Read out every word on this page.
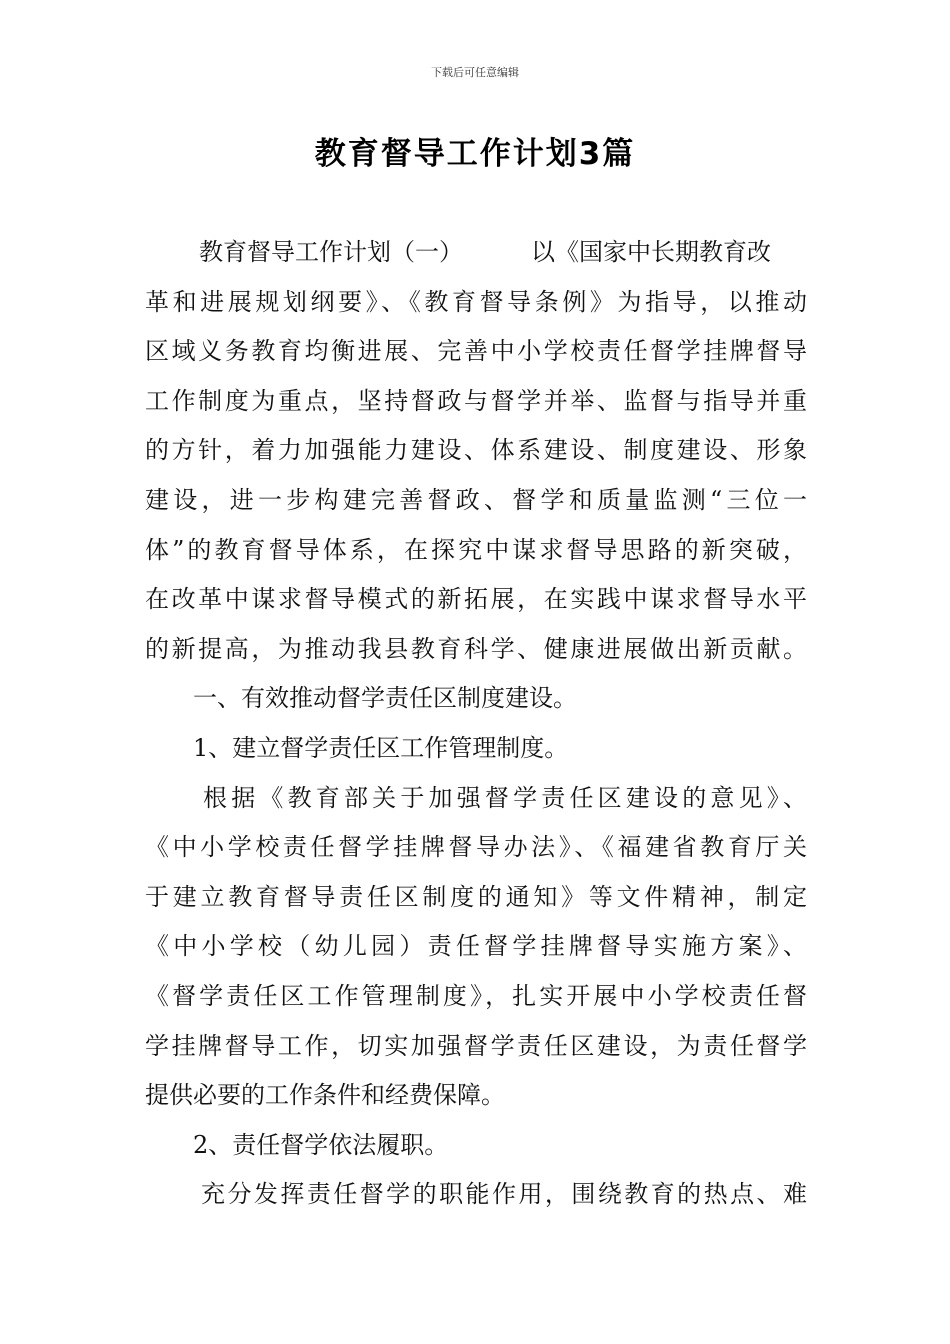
下载后可任意编辑
教育督导工作计划3篇
教育督导工作计划（一）	以《国家中长期教育改
革和进展规划纲要》、《教育督导条例》为指导，以推动
区域义务教育均衡进展、完善中小学校责任督学挂牌督导
工作制度为重点，坚持督政与督学并举、监督与指导并重
的方针，着力加强能力建设、体系建设、制度建设、形象
建设，进一步构建完善督政、督学和质量监测“三位一
体”的教育督导体系，在探究中谋求督导思路的新突破，
在改革中谋求督导模式的新拓展，在实践中谋求督导水平
的新提高，为推动我县教育科学、健康进展做出新贡献。
一、有效推动督学责任区制度建设。
1、建立督学责任区工作管理制度。
根据《教育部关于加强督学责任区建设的意见》、
《中小学校责任督学挂牌督导办法》、《福建省教育厅关
于建立教育督导责任区制度的通知》等文件精神，制定
《中小学校（幼儿园）责任督学挂牌督导实施方案》、
《督学责任区工作管理制度》，扎实开展中小学校责任督
学挂牌督导工作，切实加强督学责任区建设，为责任督学
提供必要的工作条件和经费保障。
2、责任督学依法履职。
充分发挥责任督学的职能作用，围绕教育的热点、难
